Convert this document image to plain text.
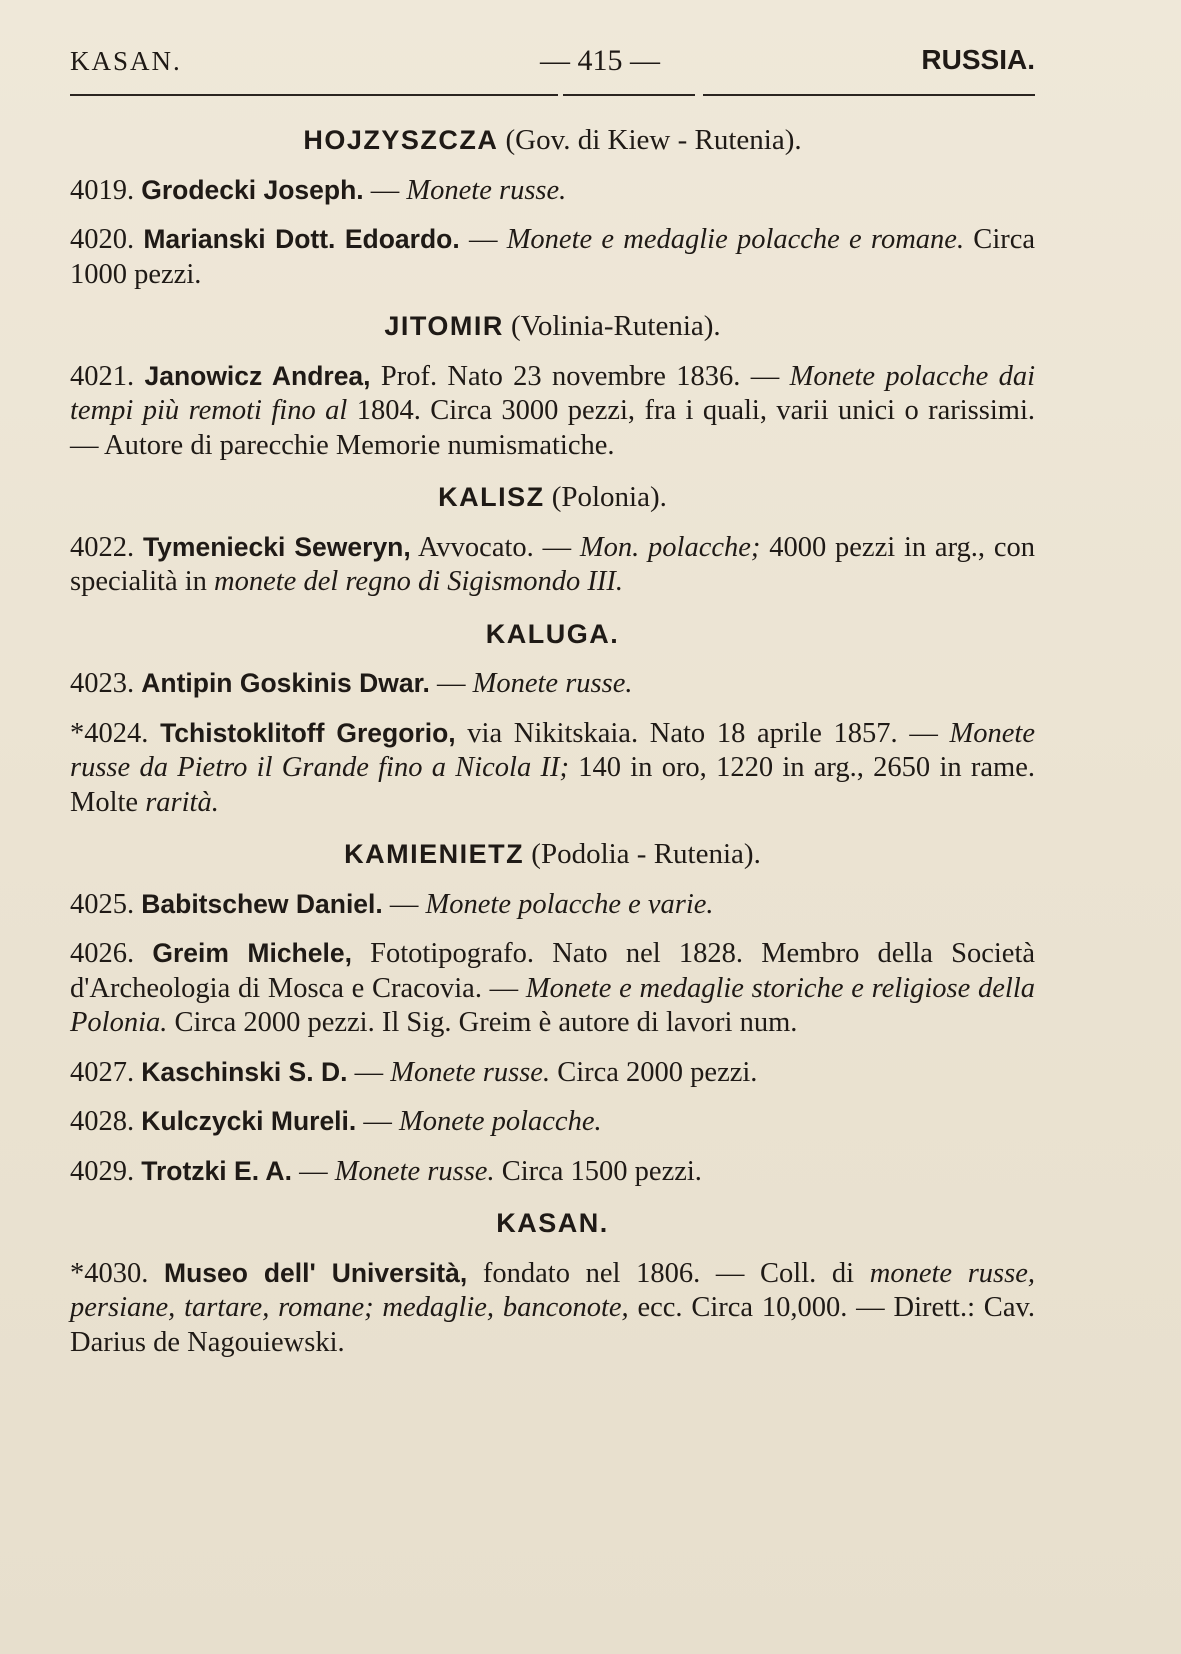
KASAN.	— 415 —	RUSSIA.

HOJZYSZCZA (Gov. di Kiew - Rutenia).

4019. Grodecki Joseph. — Monete russe.

4020. Marianski Dott. Edoardo. — Monete e medaglie polacche e romane. Circa 1000 pezzi.

JITOMIR (Volinia-Rutenia).

4021. Janowicz Andrea, Prof. Nato 23 novembre 1836. — Monete polacche dai tempi più remoti fino al 1804. Circa 3000 pezzi, fra i quali, varii unici o rarissimi. — Autore di parecchie Memorie numismatiche.

KALISZ (Polonia).

4022. Tymeniecki Seweryn, Avvocato. — Mon. polacche; 4000 pezzi in arg., con specialità in monete del regno di Sigismondo III.

KALUGA.

4023. Antipin Goskinis Dwar. — Monete russe.

*4024. Tchistoklitoff Gregorio, via Nikitskaia. Nato 18 aprile 1857. — Monete russe da Pietro il Grande fino a Nicola II; 140 in oro, 1220 in arg., 2650 in rame. Molte rarità.

KAMIENIETZ (Podolia - Rutenia).

4025. Babitschew Daniel. — Monete polacche e varie.

4026. Greim Michele, Fototipografo. Nato nel 1828. Membro della Società d'Archeologia di Mosca e Cracovia. — Monete e medaglie storiche e religiose della Polonia. Circa 2000 pezzi. Il Sig. Greim è autore di lavori num.

4027. Kaschinski S. D. — Monete russe. Circa 2000 pezzi.

4028. Kulczycki Mureli. — Monete polacche.

4029. Trotzki E. A. — Monete russe. Circa 1500 pezzi.

KASAN.

*4030. Museo dell' Università, fondato nel 1806. — Coll. di monete russe, persiane, tartare, romane; medaglie, banconote, ecc. Circa 10,000. — Dirett.: Cav. Darius de Nagouiewski.
